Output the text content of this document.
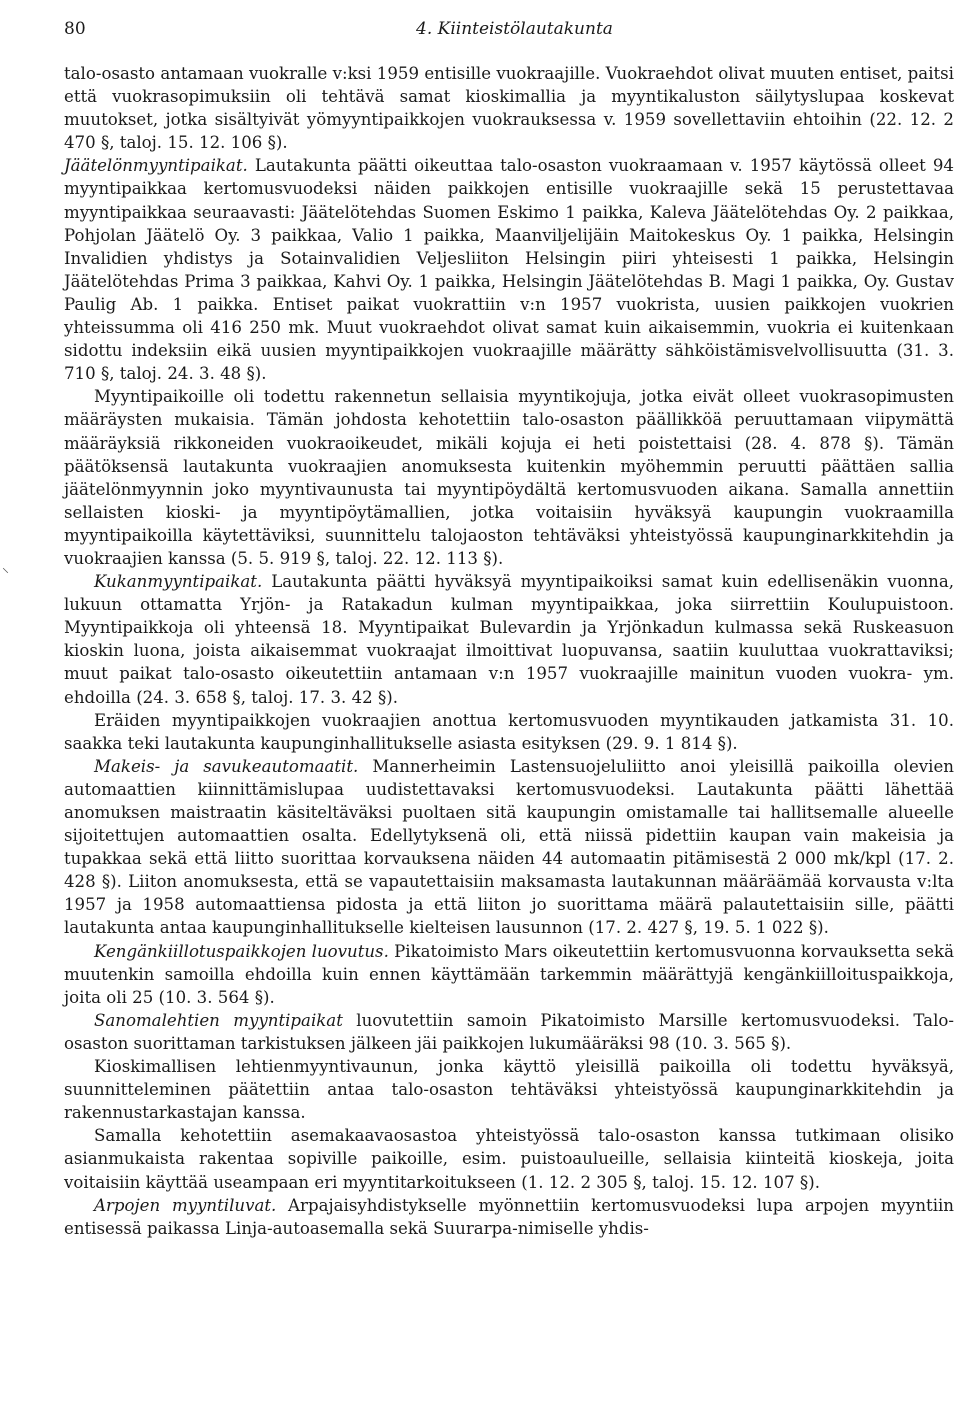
80	4. Kiinteistölautakunta
⸜

talo-osasto antamaan vuokralle v:ksi 1959 entisille vuokraajille. Vuokraehdot olivat muuten entiset, paitsi että vuokrasopimuksiin oli tehtävä samat kioskimallia ja myyntikaluston säilytyslupaa koskevat muutokset, jotka sisältyivät yömyyntipaikkojen vuokrauksessa v. 1959 sovellettaviin ehtoihin (22. 12. 2 470 §, taloj. 15. 12. 106 §).

Jäätelönmyyntipaikat. Lautakunta päätti oikeuttaa talo-osaston vuokraamaan v. 1957 käytössä olleet 94 myyntipaikkaa kertomusvuodeksi näiden paikkojen entisille vuokraajille sekä 15 perustettavaa myyntipaikkaa seuraavasti: Jäätelötehdas Suomen Eskimo 1 paikka, Kaleva Jäätelötehdas Oy. 2 paikkaa, Pohjolan Jäätelö Oy. 3 paikkaa, Valio 1 paikka, Maanviljelijäin Maitokeskus Oy. 1 paikka, Helsingin Invalidien yhdistys ja Sotainvalidien Veljesliiton Helsingin piiri yhteisesti 1 paikka, Helsingin Jäätelötehdas Prima 3 paikkaa, Kahvi Oy. 1 paikka, Helsingin Jäätelötehdas B. Magi 1 paikka, Oy. Gustav Paulig Ab. 1 paikka. Entiset paikat vuokrattiin v:n 1957 vuokrista, uusien paikkojen vuokrien yhteissumma oli 416 250 mk. Muut vuokraehdot olivat samat kuin aikaisemmin, vuokria ei kuitenkaan sidottu indeksiin eikä uusien myyntipaikkojen vuokraajille määrätty sähköistämisvelvollisuutta (31. 3. 710 §, taloj. 24. 3. 48 §).

Myyntipaikoille oli todettu rakennetun sellaisia myyntikojuja, jotka eivät olleet vuokrasopimusten määräysten mukaisia. Tämän johdosta kehotettiin talo-osaston päällikköä peruuttamaan viipymättä määräyksiä rikkoneiden vuokraoikeudet, mikäli kojuja ei heti poistettaisi (28. 4. 878 §). Tämän päätöksensä lautakunta vuokraajien anomuksesta kuitenkin myöhemmin peruutti päättäen sallia jäätelönmyynnin joko myyntivaunusta tai myyntipöydältä kertomusvuoden aikana. Samalla annettiin sellaisten kioski- ja myyntipöytämallien, jotka voitaisiin hyväksyä kaupungin vuokraamilla myyntipaikoilla käytettäviksi, suunnittelu talojaoston tehtäväksi yhteistyössä kaupunginarkkitehdin ja vuokraajien kanssa (5. 5. 919 §, taloj. 22. 12. 113 §).

Kukanmyyntipaikat. Lautakunta päätti hyväksyä myyntipaikoiksi samat kuin edellisenäkin vuonna, lukuun ottamatta Yrjön- ja Ratakadun kulman myyntipaikkaa, joka siirrettiin Koulupuistoon. Myyntipaikkoja oli yhteensä 18. Myyntipaikat Bulevardin ja Yrjönkadun kulmassa sekä Ruskeasuon kioskin luona, joista aikaisemmat vuokraajat ilmoittivat luopuvansa, saatiin kuuluttaa vuokrattaviksi; muut paikat talo-osasto oikeutettiin antamaan v:n 1957 vuokraajille mainitun vuoden vuokra- ym. ehdoilla (24. 3. 658 §, taloj. 17. 3. 42 §).

Eräiden myyntipaikkojen vuokraajien anottua kertomusvuoden myyntikauden jatkamista 31. 10. saakka teki lautakunta kaupunginhallitukselle asiasta esityksen (29. 9. 1 814 §).

Makeis- ja savukeautomaatit. Mannerheimin Lastensuojeluliitto anoi yleisillä paikoilla olevien automaattien kiinnittämislupaa uudistettavaksi kertomusvuodeksi. Lautakunta päätti lähettää anomuksen maistraatin käsiteltäväksi puoltaen sitä kaupungin omistamalle tai hallitsemalle alueelle sijoitettujen automaattien osalta. Edellytyksenä oli, että niissä pidettiin kaupan vain makeisia ja tupakkaa sekä että liitto suorittaa korvauksena näiden 44 automaatin pitämisestä 2 000 mk/kpl (17. 2. 428 §). Liiton anomuksesta, että se vapautettaisiin maksamasta lautakunnan määräämää korvausta v:lta 1957 ja 1958 automaattiensa pidosta ja että liiton jo suorittama määrä palautettaisiin sille, päätti lautakunta antaa kaupunginhallitukselle kielteisen lausunnon (17. 2. 427 §, 19. 5. 1 022 §).

Kengänkiillotuspaikkojen luovutus. Pikatoimisto Mars oikeutettiin kertomusvuonna korvauksetta sekä muutenkin samoilla ehdoilla kuin ennen käyttämään tarkemmin määrättyjä kengänkiilloituspaikkoja, joita oli 25 (10. 3. 564 §).

Sanomalehtien myyntipaikat luovutettiin samoin Pikatoimisto Marsille kertomusvuodeksi. Talo-osaston suorittaman tarkistuksen jälkeen jäi paikkojen lukumääräksi 98 (10. 3. 565 §).

Kioskimallisen lehtienmyyntivaunun, jonka käyttö yleisillä paikoilla oli todettu hyväksyä, suunnitteleminen päätettiin antaa talo-osaston tehtäväksi yhteistyössä kaupunginarkkitehdin ja rakennustarkastajan kanssa.

Samalla kehotettiin asemakaavaosastoa yhteistyössä talo-osaston kanssa tutkimaan olisiko asianmukaista rakentaa sopiville paikoille, esim. puistoaulueille, sellaisia kiinteitä kioskeja, joita voitaisiin käyttää useampaan eri myyntitarkoitukseen (1. 12. 2 305 §, taloj. 15. 12. 107 §).

Arpojen myyntiluvat. Arpajaisyhdistykselle myönnettiin kertomusvuodeksi lupa arpojen myyntiin entisessä paikassa Linja-autoasemalla sekä Suurarpa-nimiselle yhdis-
